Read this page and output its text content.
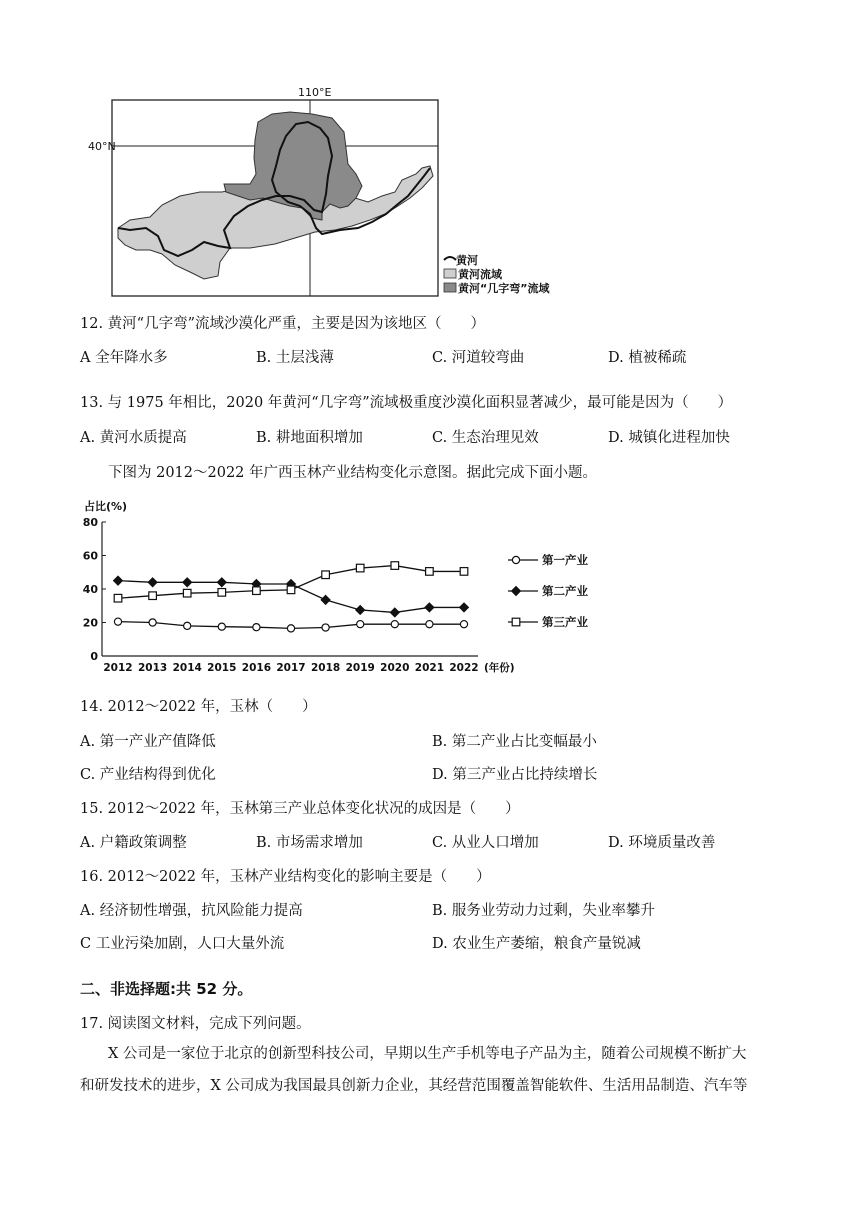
110°E
40°N
黄河
黄河流域
黄河“几字弯”流域
12. 黄河“几字弯”流域沙漠化严重，主要是因为该地区（　　）
A 全年降水多	B. 土层浅薄	C. 河道较弯曲	D. 植被稀疏
13. 与 1975 年相比，2020 年黄河“几字弯”流域极重度沙漠化面积显著减少，最可能是因为（　　）
A. 黄河水质提高	B. 耕地面积增加	C. 生态治理见效	D. 城镇化进程加快
下图为 2012～2022 年广西玉林产业结构变化示意图。据此完成下面小题。
占比(%)
0
20
40
60
80
2012 2013 2014 2015 2016 2017 2018 2019 2020 2021 2022 (年份)
第一产业
第二产业
第三产业
14. 2012～2022 年，玉林（　　）
A. 第一产业产值降低	B. 第二产业占比变幅最小
C. 产业结构得到优化	D. 第三产业占比持续增长
15. 2012～2022 年，玉林第三产业总体变化状况的成因是（　　）
A. 户籍政策调整	B. 市场需求增加	C. 从业人口增加	D. 环境质量改善
16. 2012～2022 年，玉林产业结构变化的影响主要是（　　）
A. 经济韧性增强，抗风险能力提高	B. 服务业劳动力过剩，失业率攀升
C 工业污染加剧，人口大量外流	D. 农业生产萎缩，粮食产量锐减
二、非选择题:共 52 分。
17. 阅读图文材料，完成下列问题。
X 公司是一家位于北京的创新型科技公司，早期以生产手机等电子产品为主，随着公司规模不断扩大
和研发技术的进步，X 公司成为我国最具创新力企业，其经营范围覆盖智能软件、生活用品制造、汽车等
